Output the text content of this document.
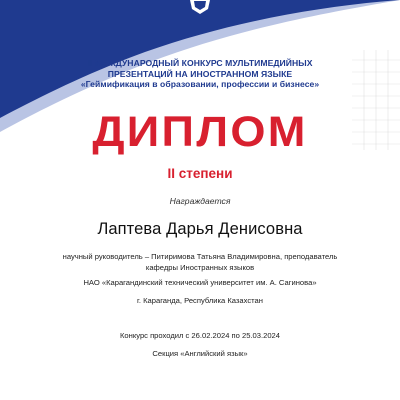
II МЕЖДУНАРОДНЫЙ КОНКУРС МУЛЬТИМЕДИЙНЫХ
ПРЕЗЕНТАЦИЙ НА ИНОСТРАННОМ ЯЗЫКЕ
«Геймификация в образовании, профессии и бизнесе»
ДИПЛОМ
II степени
Награждается
Лаптева Дарья Денисовна
научный руководитель – Питиримова Татьяна Владимировна, преподаватель
кафедры Иностранных языков
НАО «Карагандинский технический университет им. А. Сагинова»
г. Караганда, Республика Казахстан
Конкурс проходил с 26.02.2024 по 25.03.2024
Секция «Английский язык»
